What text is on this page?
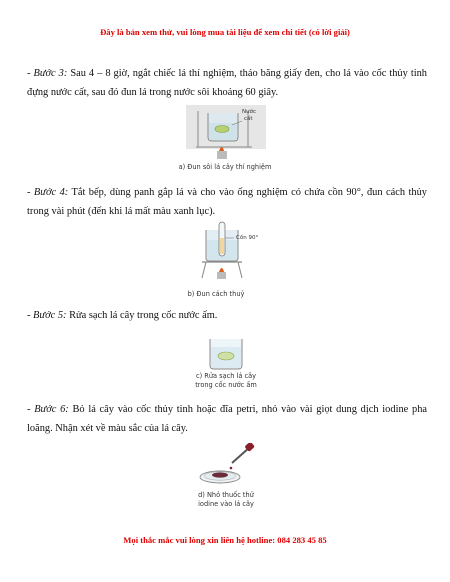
Đây là bản xem thử, vui lòng mua tài liệu để xem chi tiết (có lời giải)

- Bước 3: Sau 4 – 8 giờ, ngắt chiếc lá thí nghiệm, tháo băng giấy đen, cho lá vào cốc thủy tinh đựng nước cất, sau đó đun lá trong nước sôi khoảng 60 giây.

Nước
cất
a) Đun sôi lá cây thí nghiệm

- Bước 4: Tắt bếp, dùng panh gắp lá và cho vào ống nghiệm có chứa cồn 90°, đun cách thủy trong vài phút (đến khi lá mất màu xanh lục).

Cồn 90°
b) Đun cách thuỷ

- Bước 5: Rửa sạch lá cây trong cốc nước ấm.

c) Rửa sạch lá cây
trong cốc nước ấm

- Bước 6: Bỏ lá cây vào cốc thủy tinh hoặc đĩa petri, nhỏ vào vài giọt dung dịch iodine pha loãng. Nhận xét về màu sắc của lá cây.

d) Nhỏ thuốc thử
iodine vào lá cây
Mọi thắc mắc vui lòng xin liên hệ hotline: 084 283 45 85
